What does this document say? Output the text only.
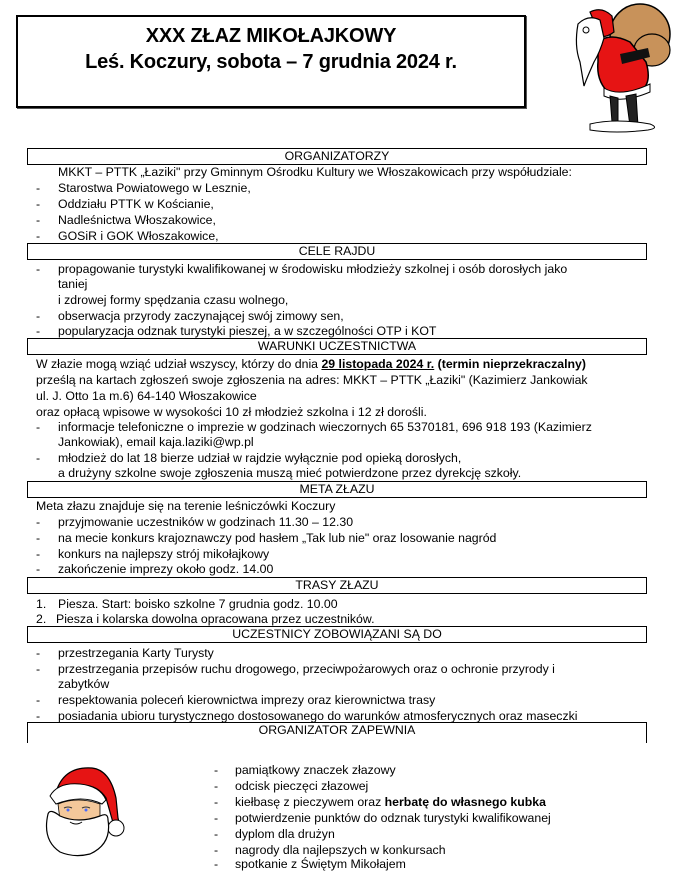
XXX ZŁAZ MIKOŁAJKOWY
Leś. Koczury, sobota – 7 grudnia 2024 r.
ORGANIZATORZY
MKKT – PTTK „Łaziki" przy Gminnym Ośrodku Kultury we Włoszakowicach przy współudziale:
- Starostwa Powiatowego w Lesznie,
- Oddziału PTTK w Kościanie,
- Nadleśnictwa Włoszakowice,
- GOSiR i GOK Włoszakowice,
CELE RAJDU
- propagowanie turystyki kwalifikowanej w środowisku młodzieży szkolnej i osób dorosłych jako
taniej
i zdrowej formy spędzania czasu wolnego,
- obserwacja przyrody zaczynającej swój zimowy sen,
- popularyzacja odznak turystyki pieszej, a w szczególności OTP i KOT
WARUNKI UCZESTNICTWA
W złazie mogą wziąć udział wszyscy, którzy do dnia 29 listopada 2024 r. (termin nieprzekraczalny)
prześlą na kartach zgłoszeń swoje zgłoszenia na adres: MKKT – PTTK „Łaziki" (Kazimierz Jankowiak
ul. J. Otto 1a m.6) 64-140 Włoszakowice
oraz opłacą wpisowe w wysokości 10 zł młodzież szkolna i 12 zł dorośli.
- informacje telefoniczne o imprezie w godzinach wieczornych 65 5370181, 696 918 193 (Kazimierz
Jankowiak), email kaja.laziki@wp.pl
- młodzież do lat 18 bierze udział w rajdzie wyłącznie pod opieką dorosłych,
a drużyny szkolne swoje zgłoszenia muszą mieć potwierdzone przez dyrekcję szkoły.
META ZŁAZU
Meta złazu znajduje się na terenie leśniczówki Koczury
- przyjmowanie uczestników w godzinach 11.30 – 12.30
- na mecie konkurs krajoznawczy pod hasłem „Tak lub nie" oraz losowanie nagród
- konkurs na najlepszy strój mikołajkowy
- zakończenie imprezy około godz. 14.00
TRASY ZŁAZU
1. Piesza. Start: boisko szkolne 7 grudnia godz. 10.00
2. Piesza i kolarska dowolna opracowana przez uczestników.
UCZESTNICY ZOBOWIĄZANI SĄ DO
- przestrzegania Karty Turysty
- przestrzegania przepisów ruchu drogowego, przeciwpożarowych oraz o ochronie przyrody i
zabytków
- respektowania poleceń kierownictwa imprezy oraz kierownictwa trasy
- posiadania ubioru turystycznego dostosowanego do warunków atmosferycznych oraz maseczki
ORGANIZATOR ZAPEWNIA
- pamiątkowy znaczek złazowy
- odcisk pieczęci złazowej
- kiełbasę z pieczywem oraz herbatę do własnego kubka
- potwierdzenie punktów do odznak turystyki kwalifikowanej
- dyplom dla drużyn
- nagrody dla najlepszych w konkursach
- spotkanie z Świętym Mikołajem
